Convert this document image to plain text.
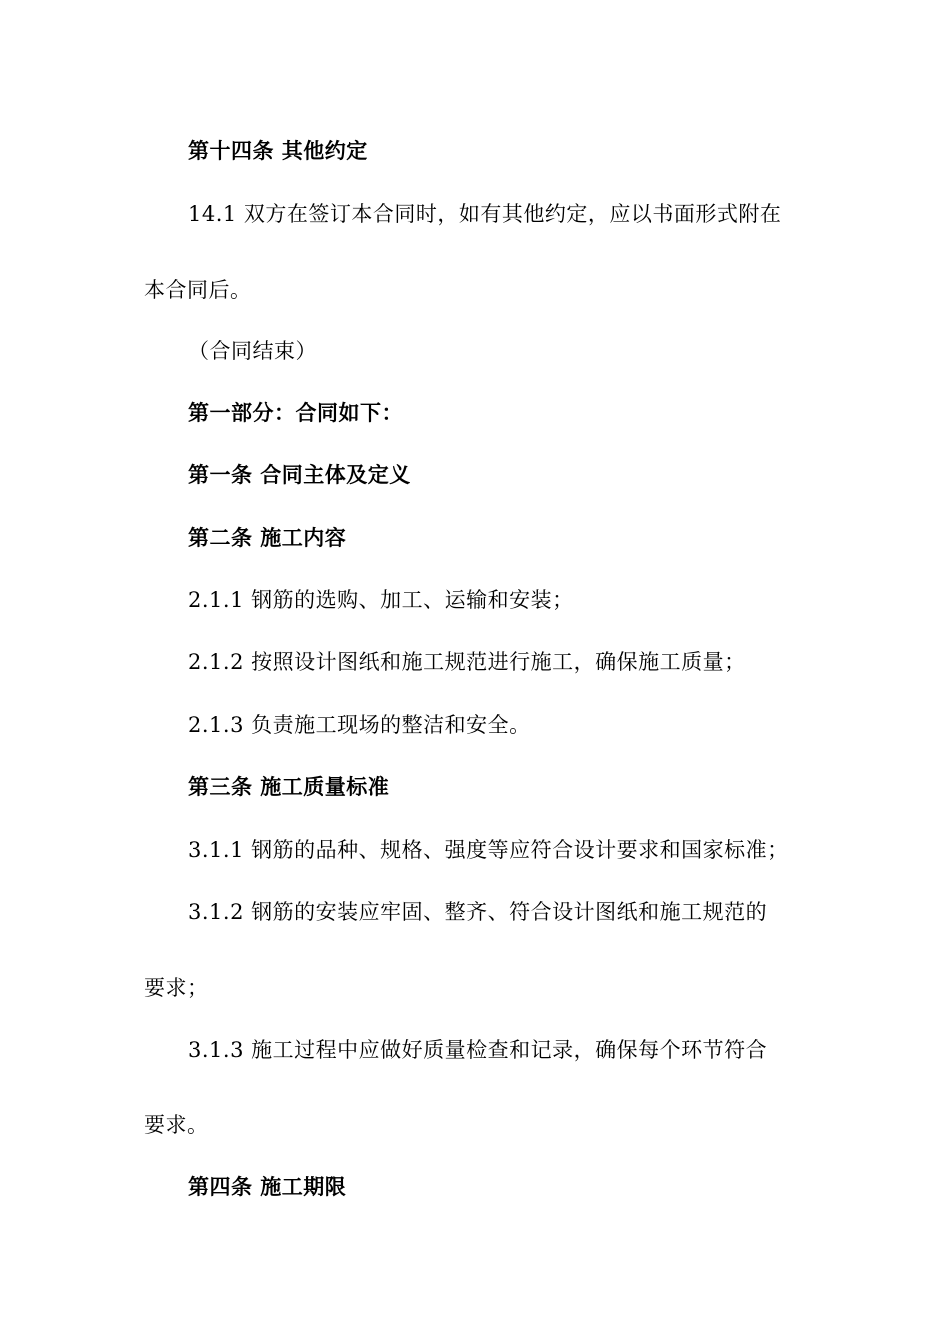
第十四条 其他约定
14.1 双方在签订本合同时，如有其他约定，应以书面形式附在
本合同后。
（合同结束）
第一部分：合同如下：
第一条 合同主体及定义
第二条 施工内容
2.1.1 钢筋的选购、加工、运输和安装；
2.1.2 按照设计图纸和施工规范进行施工，确保施工质量；
2.1.3 负责施工现场的整洁和安全。
第三条 施工质量标准
3.1.1 钢筋的品种、规格、强度等应符合设计要求和国家标准；
3.1.2 钢筋的安装应牢固、整齐、符合设计图纸和施工规范的
要求；
3.1.3 施工过程中应做好质量检查和记录，确保每个环节符合
要求。
第四条 施工期限
